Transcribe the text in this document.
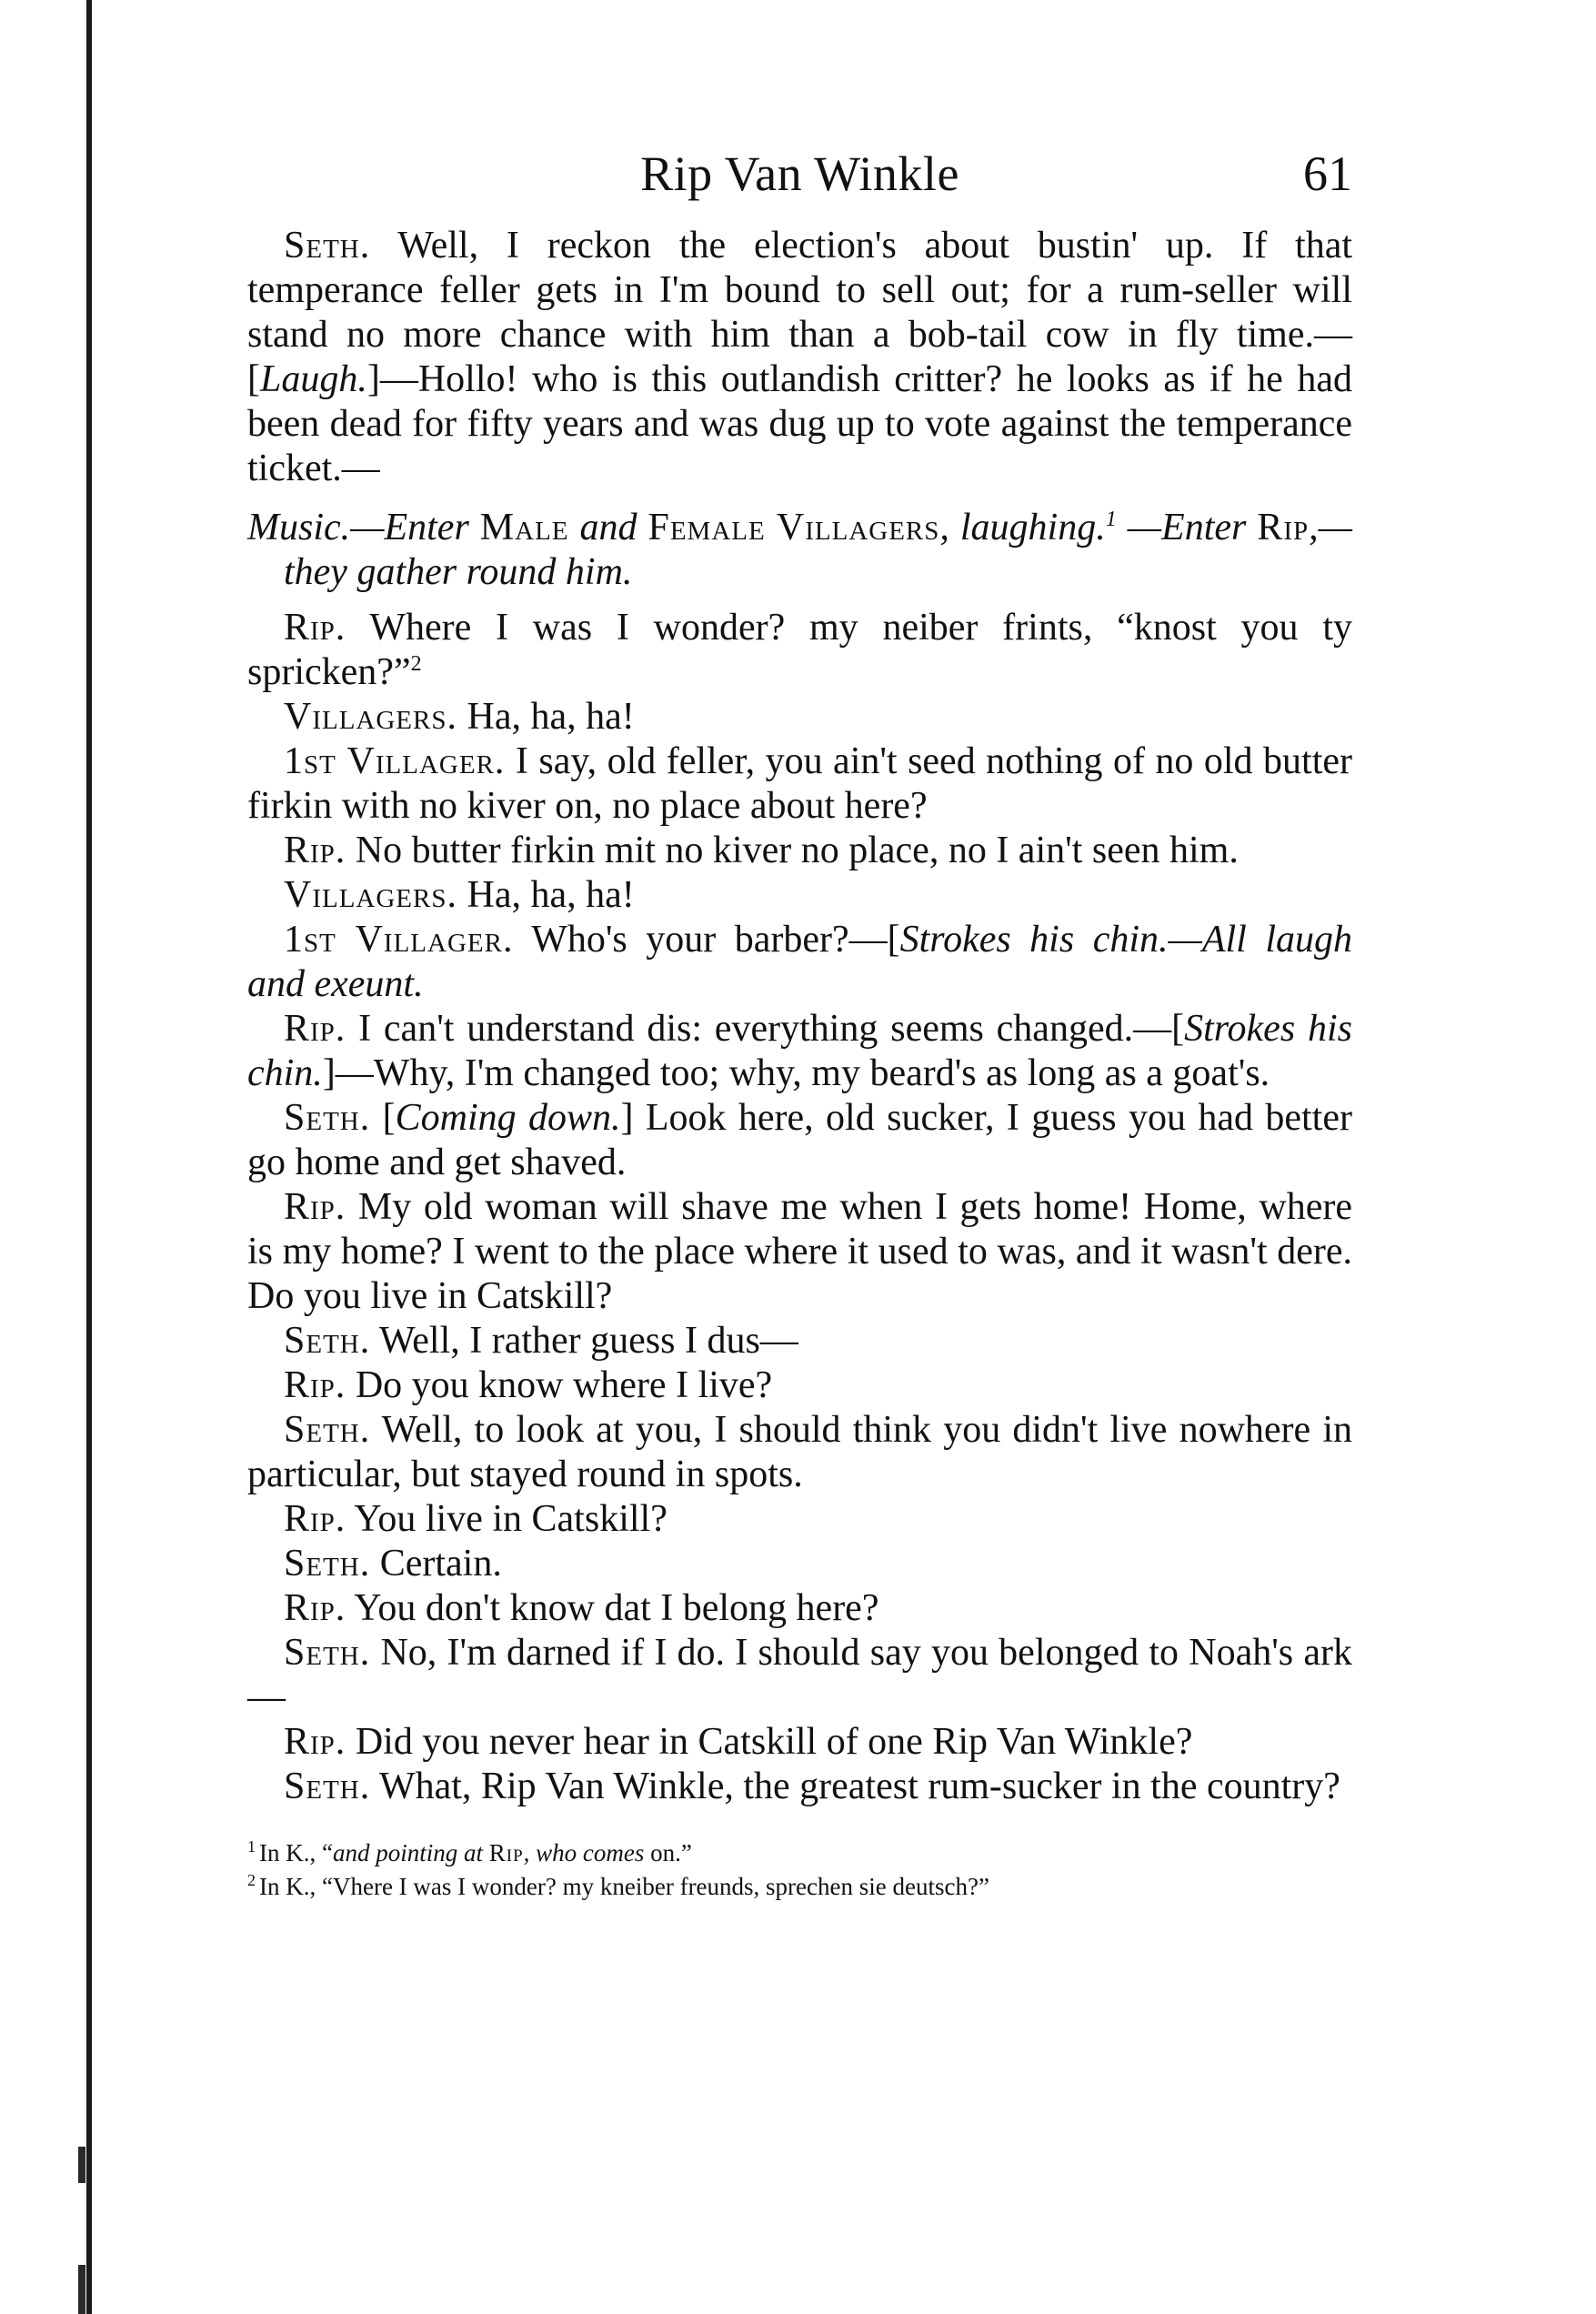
Rip Van Winkle	61

Seth. Well, I reckon the election's about bustin' up. If that temperance feller gets in I'm bound to sell out; for a rum-seller will stand no more chance with him than a bob-tail cow in fly time.—[Laugh.]—Hollo! who is this outlandish critter? he looks as if he had been dead for fifty years and was dug up to vote against the temperance ticket.—

Music.—Enter Male and Female Villagers, laughing.$^1$ —Enter Rip,—they gather round him.

Rip. Where I was I wonder? my neiber frints, “knost you ty spricken?”$^2$

Villagers. Ha, ha, ha!

1st Villager. I say, old feller, you ain't seed nothing of no old butter firkin with no kiver on, no place about here?

Rip. No butter firkin mit no kiver no place, no I ain't seen him.

Villagers. Ha, ha, ha!

1st Villager. Who's your barber?—[Strokes his chin.—All laugh and exeunt.

Rip. I can't understand dis: everything seems changed.—[Strokes his chin.]—Why, I'm changed too; why, my beard's as long as a goat's.

Seth. [Coming down.] Look here, old sucker, I guess you had better go home and get shaved.

Rip. My old woman will shave me when I gets home! Home, where is my home? I went to the place where it used to was, and it wasn't dere. Do you live in Catskill?

Seth. Well, I rather guess I dus—

Rip. Do you know where I live?

Seth. Well, to look at you, I should think you didn't live nowhere in particular, but stayed round in spots.

Rip. You live in Catskill?

Seth. Certain.

Rip. You don't know dat I belong here?

Seth. No, I'm darned if I do. I should say you belonged to Noah's ark—

Rip. Did you never hear in Catskill of one Rip Van Winkle?

Seth. What, Rip Van Winkle, the greatest rum-sucker in the country?

$^1$ In K., “and pointing at Rip, who comes on.”

$^2$ In K., “Vhere I was I wonder? my kneiber freunds, sprechen sie deutsch?”
